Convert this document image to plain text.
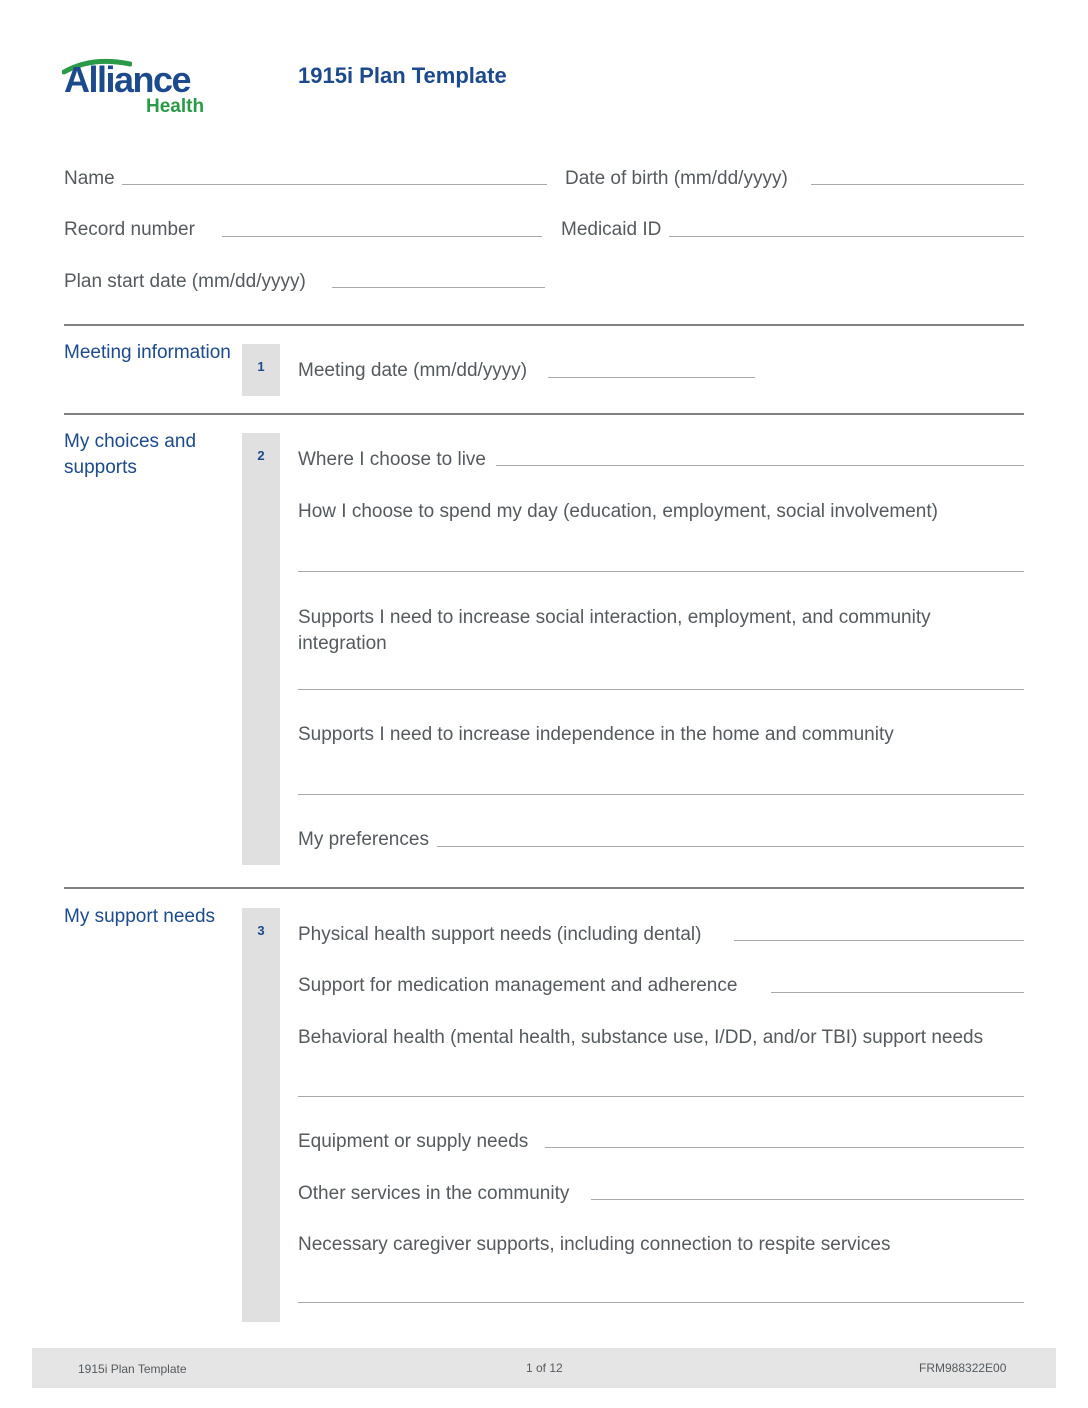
Alliance
Health
1915i Plan Template
Name	Date of birth (mm/dd/yyyy)
Record number	Medicaid ID
Plan start date (mm/dd/yyyy)
Meeting information
1	Meeting date (mm/dd/yyyy)
My choices and supports
2	Where I choose to live
How I choose to spend my day (education, employment, social involvement)
Supports I need to increase social interaction, employment, and community integration
Supports I need to increase independence in the home and community
My preferences
My support needs
3	Physical health support needs (including dental)
Support for medication management and adherence
Behavioral health (mental health, substance use, I/DD, and/or TBI) support needs
Equipment or supply needs
Other services in the community
Necessary caregiver supports, including connection to respite services
1915i Plan Template	1 of 12	FRM988322E00
